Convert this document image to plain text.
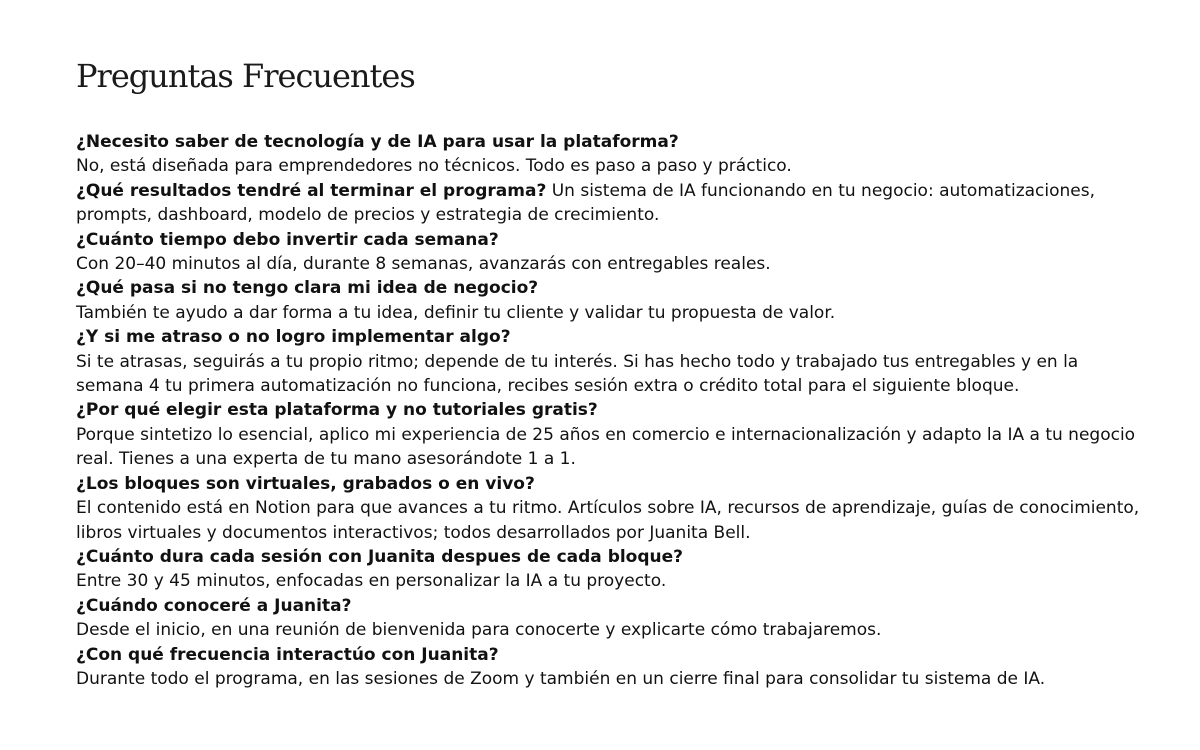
Preguntas Frecuentes

¿Necesito saber de tecnología y de IA para usar la plataforma?
No, está diseñada para emprendedores no técnicos. Todo es paso a paso y práctico.

¿Qué resultados tendré al terminar el programa? Un sistema de IA funcionando en tu negocio: automatizaciones, prompts, dashboard, modelo de precios y estrategia de crecimiento.

¿Cuánto tiempo debo invertir cada semana?
Con 20–40 minutos al día, durante 8 semanas, avanzarás con entregables reales.

¿Qué pasa si no tengo clara mi idea de negocio?
También te ayudo a dar forma a tu idea, definir tu cliente y validar tu propuesta de valor.

¿Y si me atraso o no logro implementar algo?
Si te atrasas, seguirás a tu propio ritmo; depende de tu interés. Si has hecho todo y trabajado tus entregables y en la semana 4 tu primera automatización no funciona, recibes sesión extra o crédito total para el siguiente bloque.

¿Por qué elegir esta plataforma y no tutoriales gratis?
Porque sintetizo lo esencial, aplico mi experiencia de 25 años en comercio e internacionalización y adapto la IA a tu negocio real. Tienes a una experta de tu mano asesorándote 1 a 1.

¿Los bloques son virtuales, grabados o en vivo?
El contenido está en Notion para que avances a tu ritmo. Artículos sobre IA, recursos de aprendizaje, guías de conocimiento, libros virtuales y documentos interactivos; todos desarrollados por Juanita Bell.

¿Cuánto dura cada sesión con Juanita despues de cada bloque?
Entre 30 y 45 minutos, enfocadas en personalizar la IA a tu proyecto.

¿Cuándo conoceré a Juanita?
Desde el inicio, en una reunión de bienvenida para conocerte y explicarte cómo trabajaremos.

¿Con qué frecuencia interactúo con Juanita?
Durante todo el programa, en las sesiones de Zoom y también en un cierre final para consolidar tu sistema de IA.
